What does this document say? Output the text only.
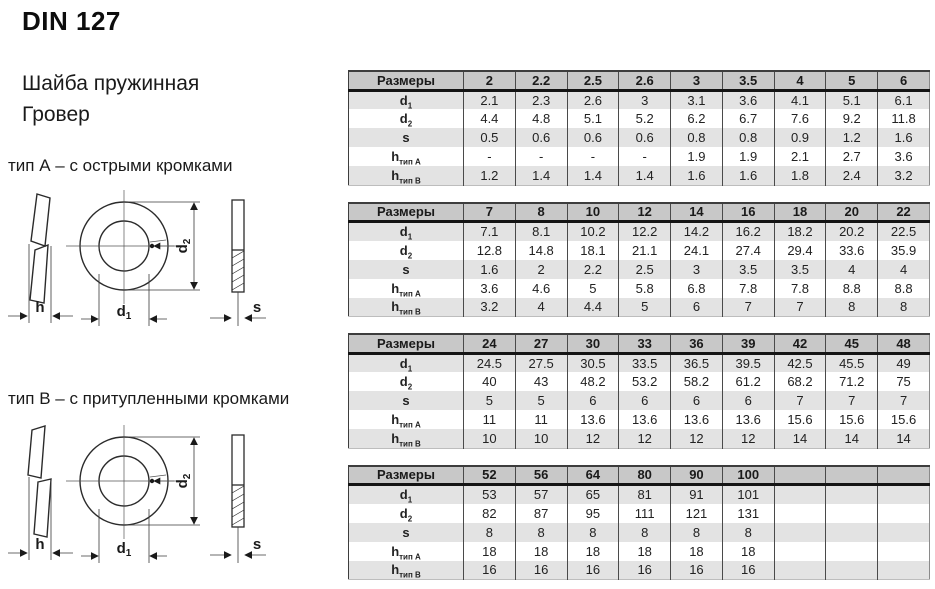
DIN 127
Шайба пружинная
Гровер
тип А – с острыми кромками
h
$d_2$
$d_1$
s
тип В – с притупленными кромками
h
$d_2$
$d_1$
s
Размеры	2	2.2	2.5	2.6	3	3.5	4	5	6
$d_1$	2.1	2.3	2.6	3	3.1	3.6	4.1	5.1	6.1
$d_2$	4.4	4.8	5.1	5.2	6.2	6.7	7.6	9.2	11.8
s	0.5	0.6	0.6	0.6	0.8	0.8	0.9	1.2	1.6
$h_{тип А}$	-	-	-	-	1.9	1.9	2.1	2.7	3.6
$h_{тип В}$	1.2	1.4	1.4	1.4	1.6	1.6	1.8	2.4	3.2
Размеры	7	8	10	12	14	16	18	20	22
$d_1$	7.1	8.1	10.2	12.2	14.2	16.2	18.2	20.2	22.5
$d_2$	12.8	14.8	18.1	21.1	24.1	27.4	29.4	33.6	35.9
s	1.6	2	2.2	2.5	3	3.5	3.5	4	4
$h_{тип А}$	3.6	4.6	5	5.8	6.8	7.8	7.8	8.8	8.8
$h_{тип В}$	3.2	4	4.4	5	6	7	7	8	8
Размеры	24	27	30	33	36	39	42	45	48
$d_1$	24.5	27.5	30.5	33.5	36.5	39.5	42.5	45.5	49
$d_2$	40	43	48.2	53.2	58.2	61.2	68.2	71.2	75
s	5	5	6	6	6	6	7	7	7
$h_{тип А}$	11	11	13.6	13.6	13.6	13.6	15.6	15.6	15.6
$h_{тип В}$	10	10	12	12	12	12	14	14	14
Размеры	52	56	64	80	90	100			
$d_1$	53	57	65	81	91	101			
$d_2$	82	87	95	111	121	131			
s	8	8	8	8	8	8			
$h_{тип А}$	18	18	18	18	18	18			
$h_{тип В}$	16	16	16	16	16	16			
